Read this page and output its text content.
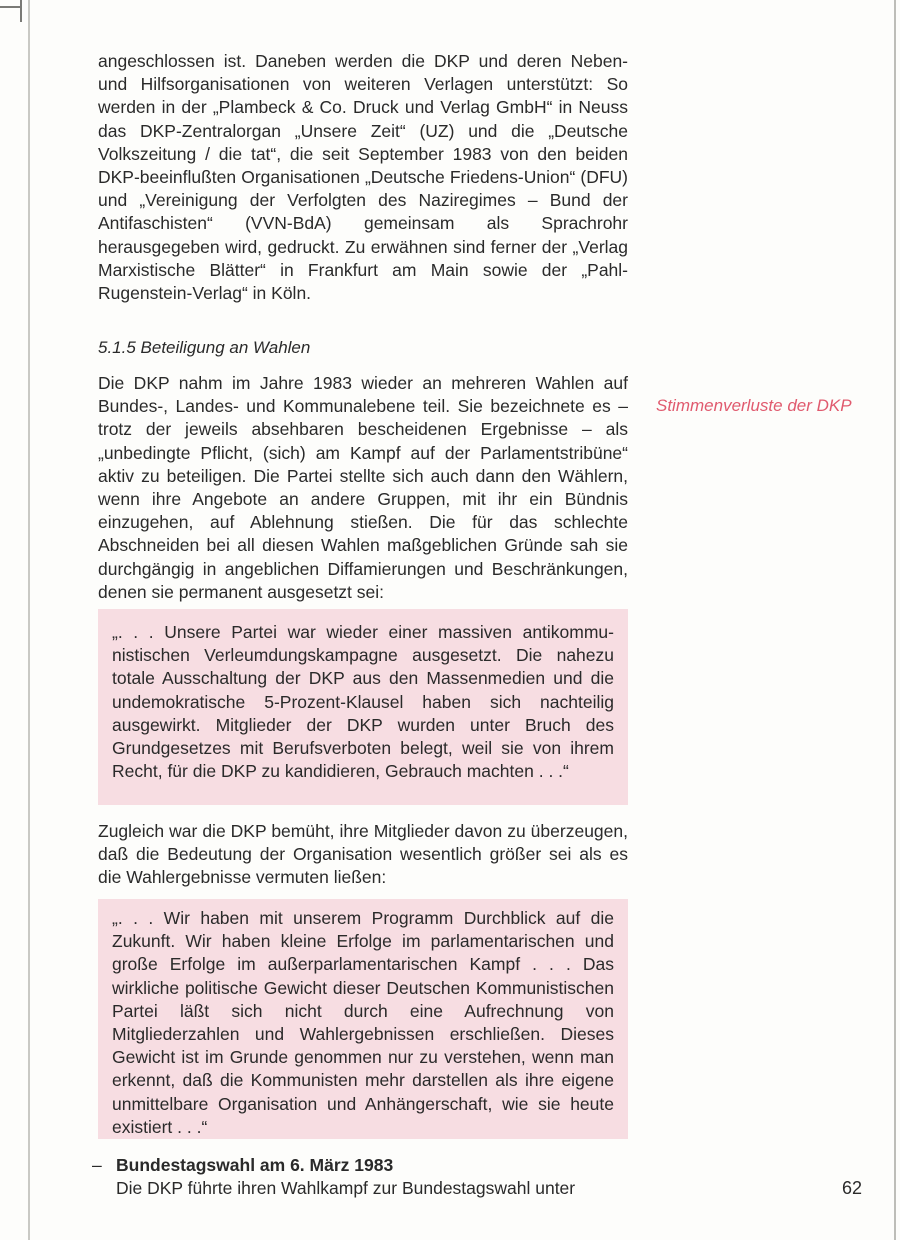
angeschlossen ist. Daneben werden die DKP und deren Neben- und Hilfsorganisationen von weiteren Verlagen unterstützt: So werden in der „Plambeck & Co. Druck und Verlag GmbH“ in Neuss das DKP-Zentralorgan „Unsere Zeit“ (UZ) und die „Deutsche Volkszeitung / die tat“, die seit September 1983 von den beiden DKP-beeinflußten Organisationen „Deutsche Friedens-Union“ (DFU) und „Vereinigung der Verfolgten des Naziregimes – Bund der Antifaschisten“ (VVN-BdA) gemeinsam als Sprachrohr herausgegeben wird, gedruckt. Zu erwähnen sind ferner der „Verlag Marxistische Blätter“ in Frankfurt am Main sowie der „Pahl-Rugenstein-Verlag“ in Köln.

5.1.5 Beteiligung an Wahlen

Die DKP nahm im Jahre 1983 wieder an mehreren Wahlen auf Bundes-, Landes- und Kommunalebene teil. Sie bezeichnete es – trotz der jeweils absehbaren bescheidenen Ergebnisse – als „unbedingte Pflicht, (sich) am Kampf auf der Parlamentstribüne“ aktiv zu beteiligen. Die Partei stellte sich auch dann den Wählern, wenn ihre Angebote an andere Gruppen, mit ihr ein Bündnis einzugehen, auf Ablehnung stießen. Die für das schlechte Abschneiden bei all diesen Wahlen maßgeblichen Gründe sah sie durchgängig in angeblichen Diffamierungen und Beschränkungen, denen sie permanent ausgesetzt sei:

„. . . Unsere Partei war wieder einer massiven antikommunistischen Verleumdungskampagne ausgesetzt. Die nahezu totale Ausschaltung der DKP aus den Massenmedien und die undemokratische 5-Prozent-Klausel haben sich nachteilig ausgewirkt. Mitglieder der DKP wurden unter Bruch des Grundgesetzes mit Berufsverboten belegt, weil sie von ihrem Recht, für die DKP zu kandidieren, Gebrauch machten . . .“

Zugleich war die DKP bemüht, ihre Mitglieder davon zu überzeugen, daß die Bedeutung der Organisation wesentlich größer sei als es die Wahlergebnisse vermuten ließen:

„. . . Wir haben mit unserem Programm Durchblick auf die Zukunft. Wir haben kleine Erfolge im parlamentarischen und große Erfolge im außerparlamentarischen Kampf . . . Das wirkliche politische Gewicht dieser Deutschen Kommunistischen Partei läßt sich nicht durch eine Aufrechnung von Mitgliederzahlen und Wahlergebnissen erschließen. Dieses Gewicht ist im Grunde genommen nur zu verstehen, wenn man erkennt, daß die Kommunisten mehr darstellen als ihre eigene unmittelbare Organisation und Anhängerschaft, wie sie heute existiert . . .“

– Bundestagswahl am 6. März 1983
Die DKP führte ihren Wahlkampf zur Bundestagswahl unter
Stimmenverluste der DKP
62
